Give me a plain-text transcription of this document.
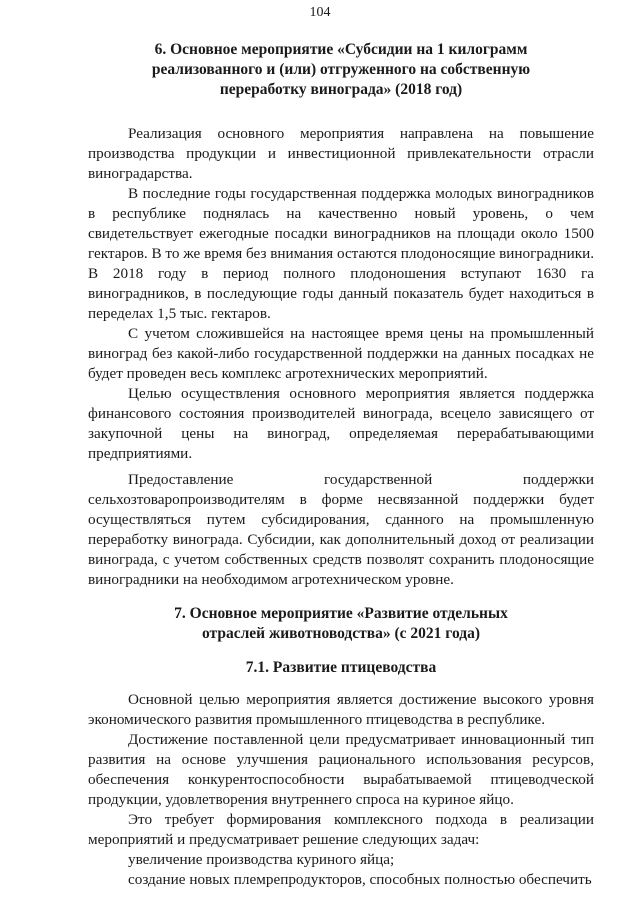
104
6. Основное мероприятие «Субсидии на 1 килограмм
реализованного и (или) отгруженного на собственную
переработку винограда» (2018 год)

Реализация основного мероприятия направлена на повышение производства продукции и инвестиционной привлекательности отрасли виноградарства.

В последние годы государственная поддержка молодых виноградников в республике поднялась на качественно новый уровень, о чем свидетельствует ежегодные посадки виноградников на площади около 1500 гектаров. В то же время без внимания остаются плодоносящие виноградники. В 2018 году в период полного плодоношения вступают 1630 га виноградников, в последующие годы данный показатель будет находиться в переделах 1,5 тыс. гектаров.

С учетом сложившейся на настоящее время цены на промышленный виноград без какой-либо государственной поддержки на данных посадках не будет проведен весь комплекс агротехнических мероприятий.

Целью осуществления основного мероприятия является поддержка финансового состояния производителей винограда, всецело зависящего от закупочной цены на виноград, определяемая перерабатывающими предприятиями.

Предоставление государственной поддержки сельхозтоваропроизводителям в форме несвязанной поддержки будет осуществляться путем субсидирования, сданного на промышленную переработку винограда. Субсидии, как дополнительный доход от реализации винограда, с учетом собственных средств позволят сохранить плодоносящие виноградники на необходимом агротехническом уровне.

7. Основное мероприятие «Развитие отдельных
отраслей животноводства» (с 2021 года)
7.1. Развитие птицеводства

Основной целью мероприятия является достижение высокого уровня экономического развития промышленного птицеводства в республике.

Достижение поставленной цели предусматривает инновационный тип развития на основе улучшения рационального использования ресурсов, обеспечения конкурентоспособности вырабатываемой птицеводческой продукции, удовлетворения внутреннего спроса на куриное яйцо.

Это требует формирования комплексного подхода в реализации мероприятий и предусматривает решение следующих задач:

увеличение производства куриного яйца;

создание новых племрепродукторов, способных полностью обеспечить
